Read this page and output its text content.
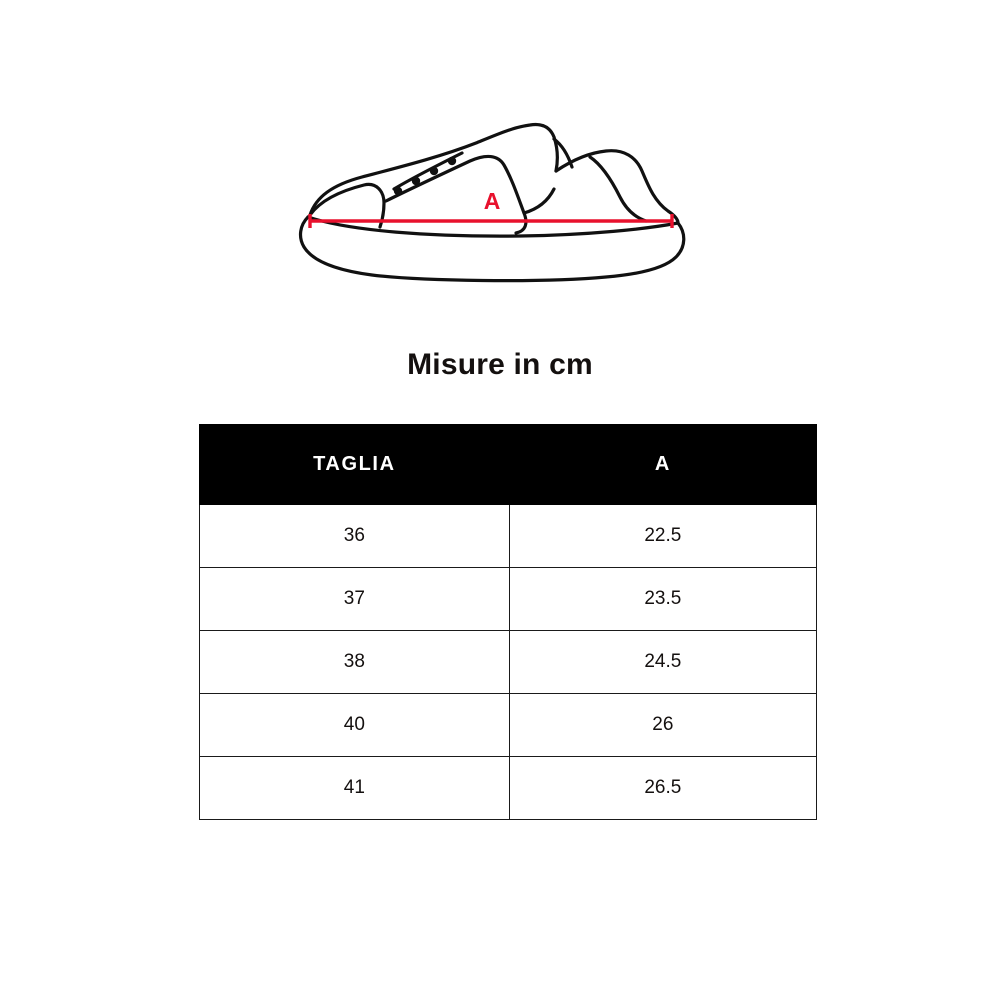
A
Misure in cm
TAGLIA	A
36	22.5
37	23.5
38	24.5
40	26
41	26.5
